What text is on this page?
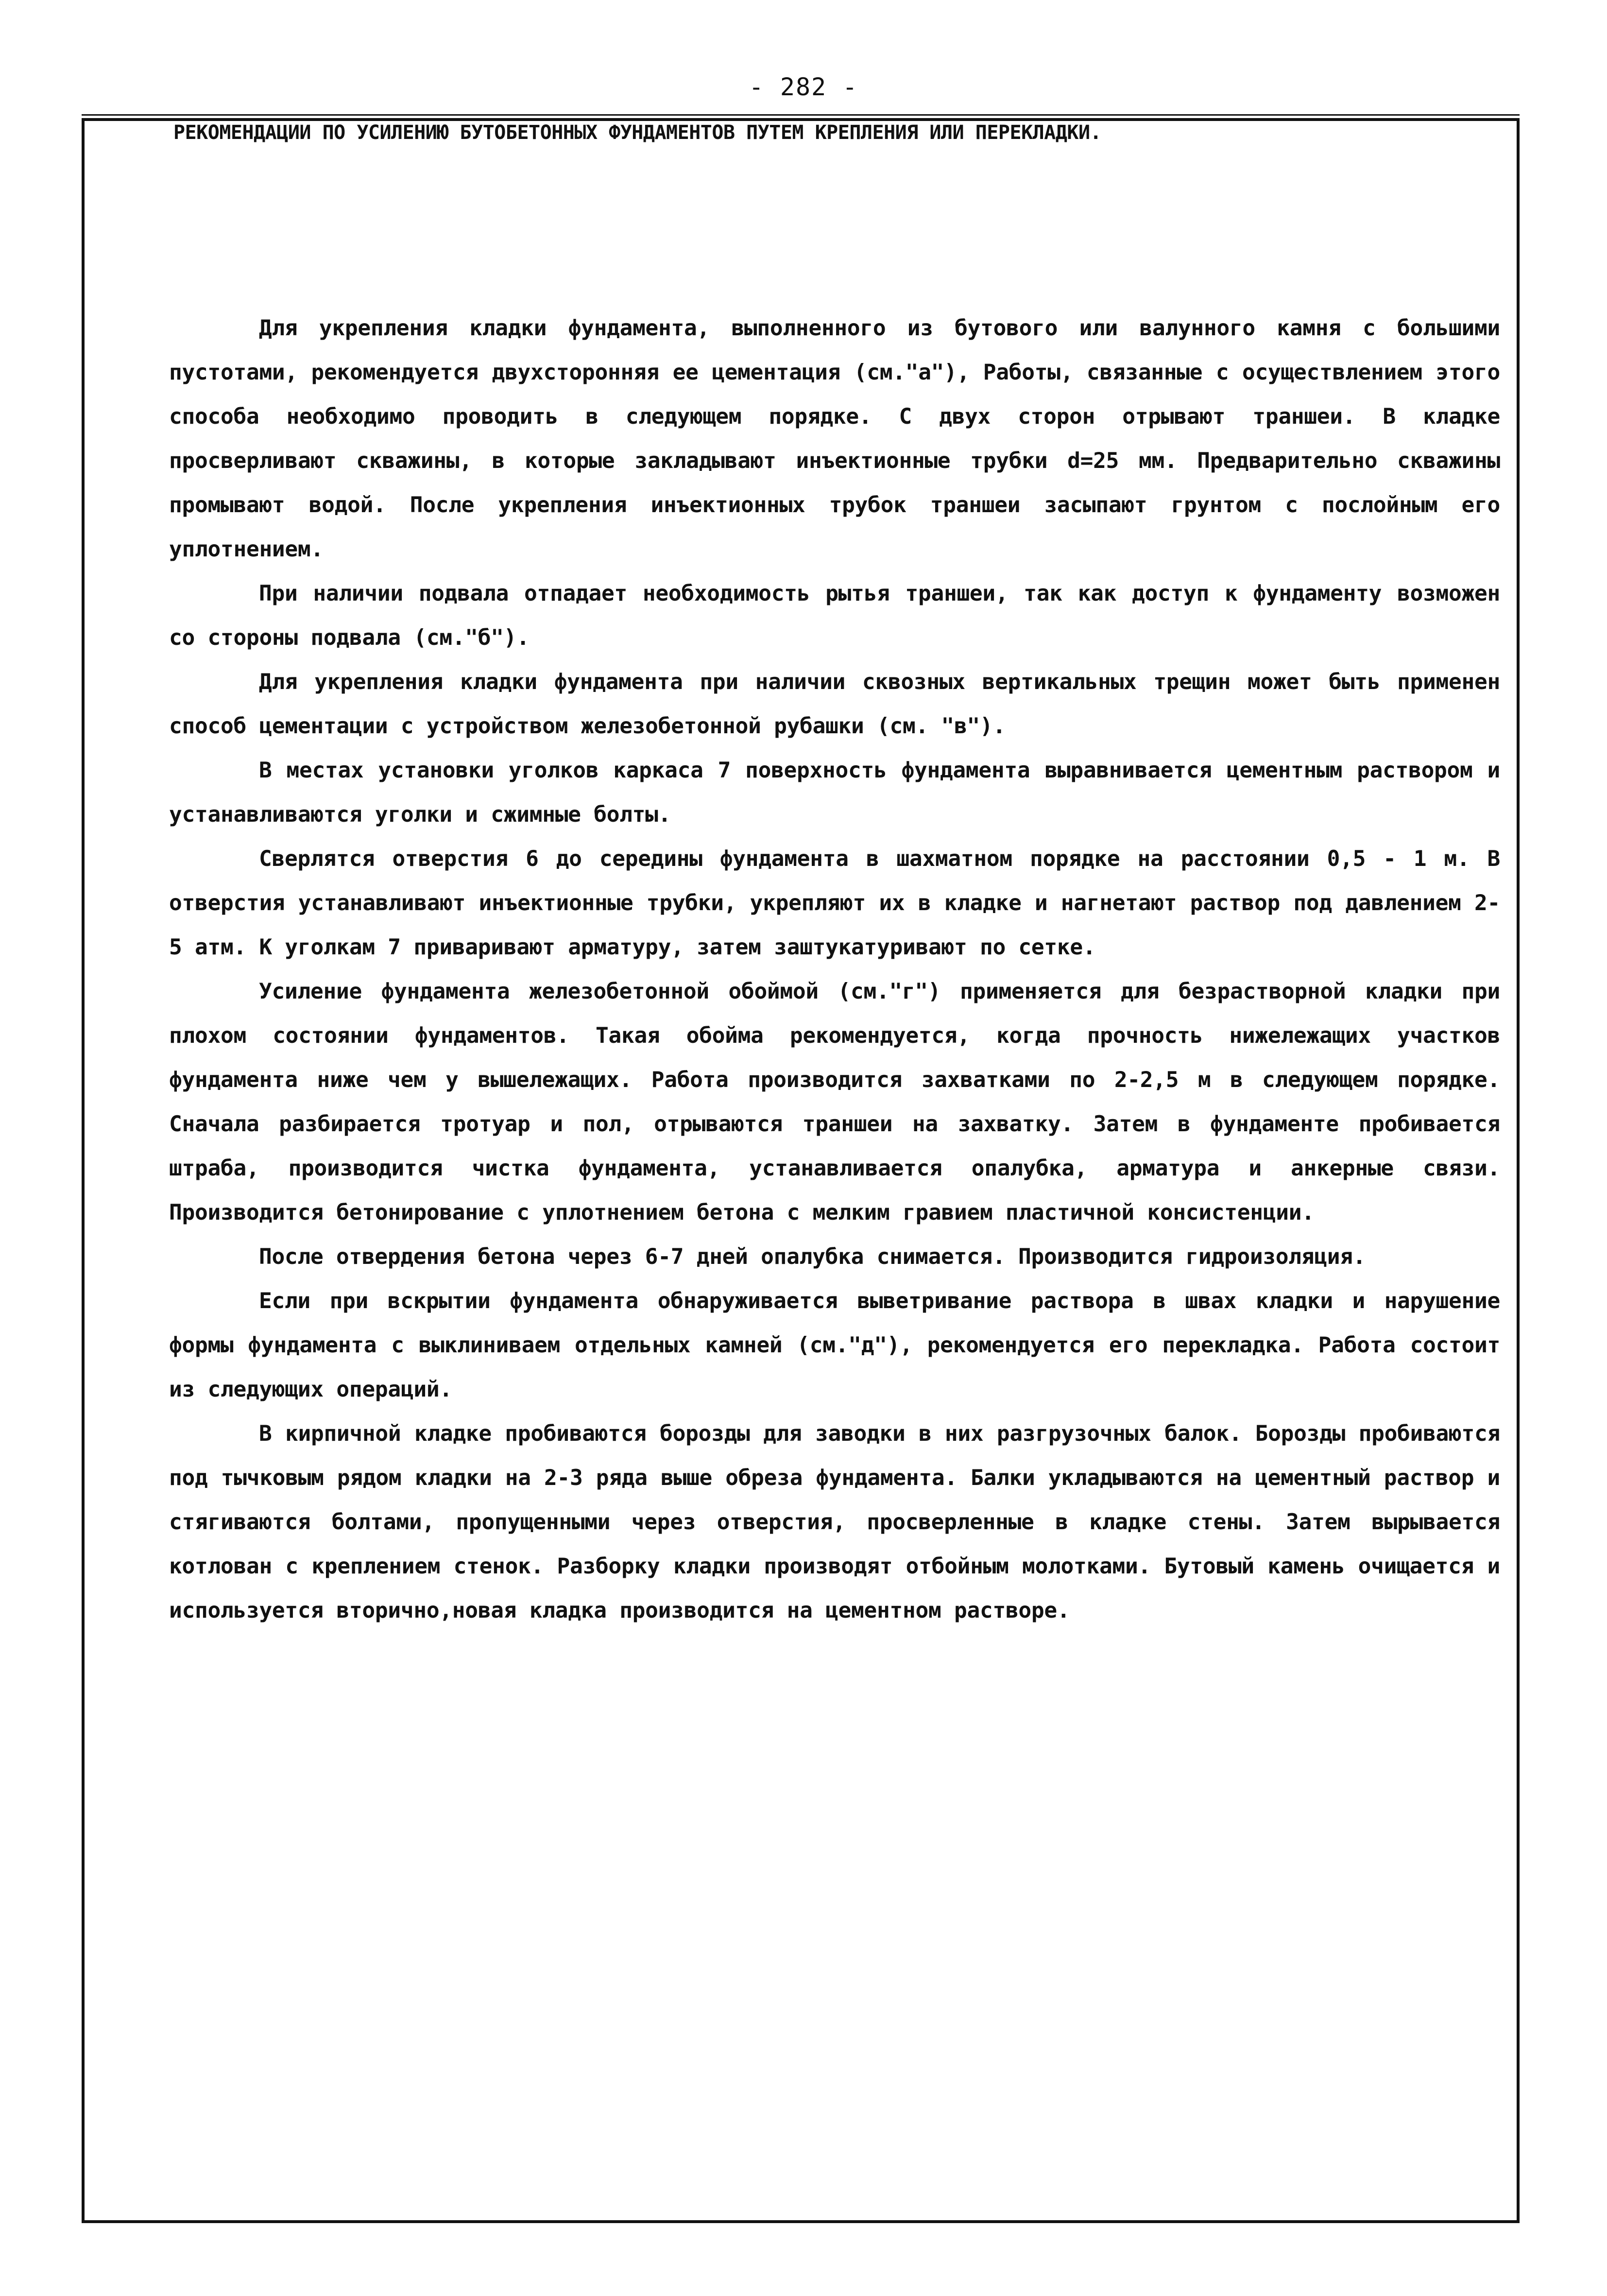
- 282 -
РЕКОМЕНДАЦИИ ПО УСИЛЕНИЮ БУТОБЕТОННЫХ ФУНДАМЕНТОВ ПУТЕМ КРЕПЛЕНИЯ ИЛИ ПЕРЕКЛАДКИ.

Для укрепления кладки фундамента, выполненного из бутового или валунного камня с большими пустотами, рекомендуется двухсторонняя ее цементация (см."а"), Работы, связанные с осуществлением этого способа необходимо проводить в следующем порядке. С двух сторон отрывают траншеи. В кладке просверливают скважины, в которые закладывают инъектионные трубки d=25 мм. Предварительно скважины промывают водой. После укрепления инъектионных трубок траншеи засыпают грунтом с послойным его уплотнением.

При наличии подвала отпадает необходимость рытья траншеи, так как доступ к фундаменту возможен со стороны подвала (см."б").

Для укрепления кладки фундамента при наличии сквозных вертикальных трещин может быть применен способ цементации с устройством железобетонной рубашки (см. "в").

В местах установки уголков каркаса 7 поверхность фундамента выравнивается цементным раствором и устанавливаются уголки и сжимные болты.

Сверлятся отверстия 6 до середины фундамента в шахматном порядке на расстоянии 0,5 - 1 м. В отверстия устанавливают инъектионные трубки, укрепляют их в кладке и нагнетают раствор под давлением 2-5 атм. К уголкам 7 приваривают арматуру, затем заштукатуривают по сетке.

Усиление фундамента железобетонной обоймой (см."г") применяется для безрастворной кладки при плохом состоянии фундаментов. Такая обойма рекомендуется, когда прочность нижележащих участков фундамента ниже чем у вышележащих. Работа производится захватками по 2-2,5 м в следующем порядке. Сначала разбирается тротуар и пол, отрываются траншеи на захватку. Затем в фундаменте пробивается штраба, производится чистка фундамента, устанавливается опалубка, арматура и анкерные связи. Производится бетонирование с уплотнением бетона с мелким гравием пластичной консистенции.

После отвердения бетона через 6-7 дней опалубка снимается. Производится гидроизоляция.

Если при вскрытии фундамента обнаруживается выветривание раствора в швах кладки и нарушение формы фундамента с выклиниваем отдельных камней (см."д"), рекомендуется его перекладка. Работа состоит из следующих операций.

В кирпичной кладке пробиваются борозды для заводки в них разгрузочных балок. Борозды пробиваются под тычковым рядом кладки на 2-3 ряда выше обреза фундамента. Балки укладываются на цементный раствор и стягиваются болтами, пропущенными через отверстия, просверленные в кладке стены. Затем вырывается котлован с креплением стенок. Разборку кладки производят отбойным молотками. Бутовый камень очищается и используется вторично,новая кладка производится на цементном растворе.
